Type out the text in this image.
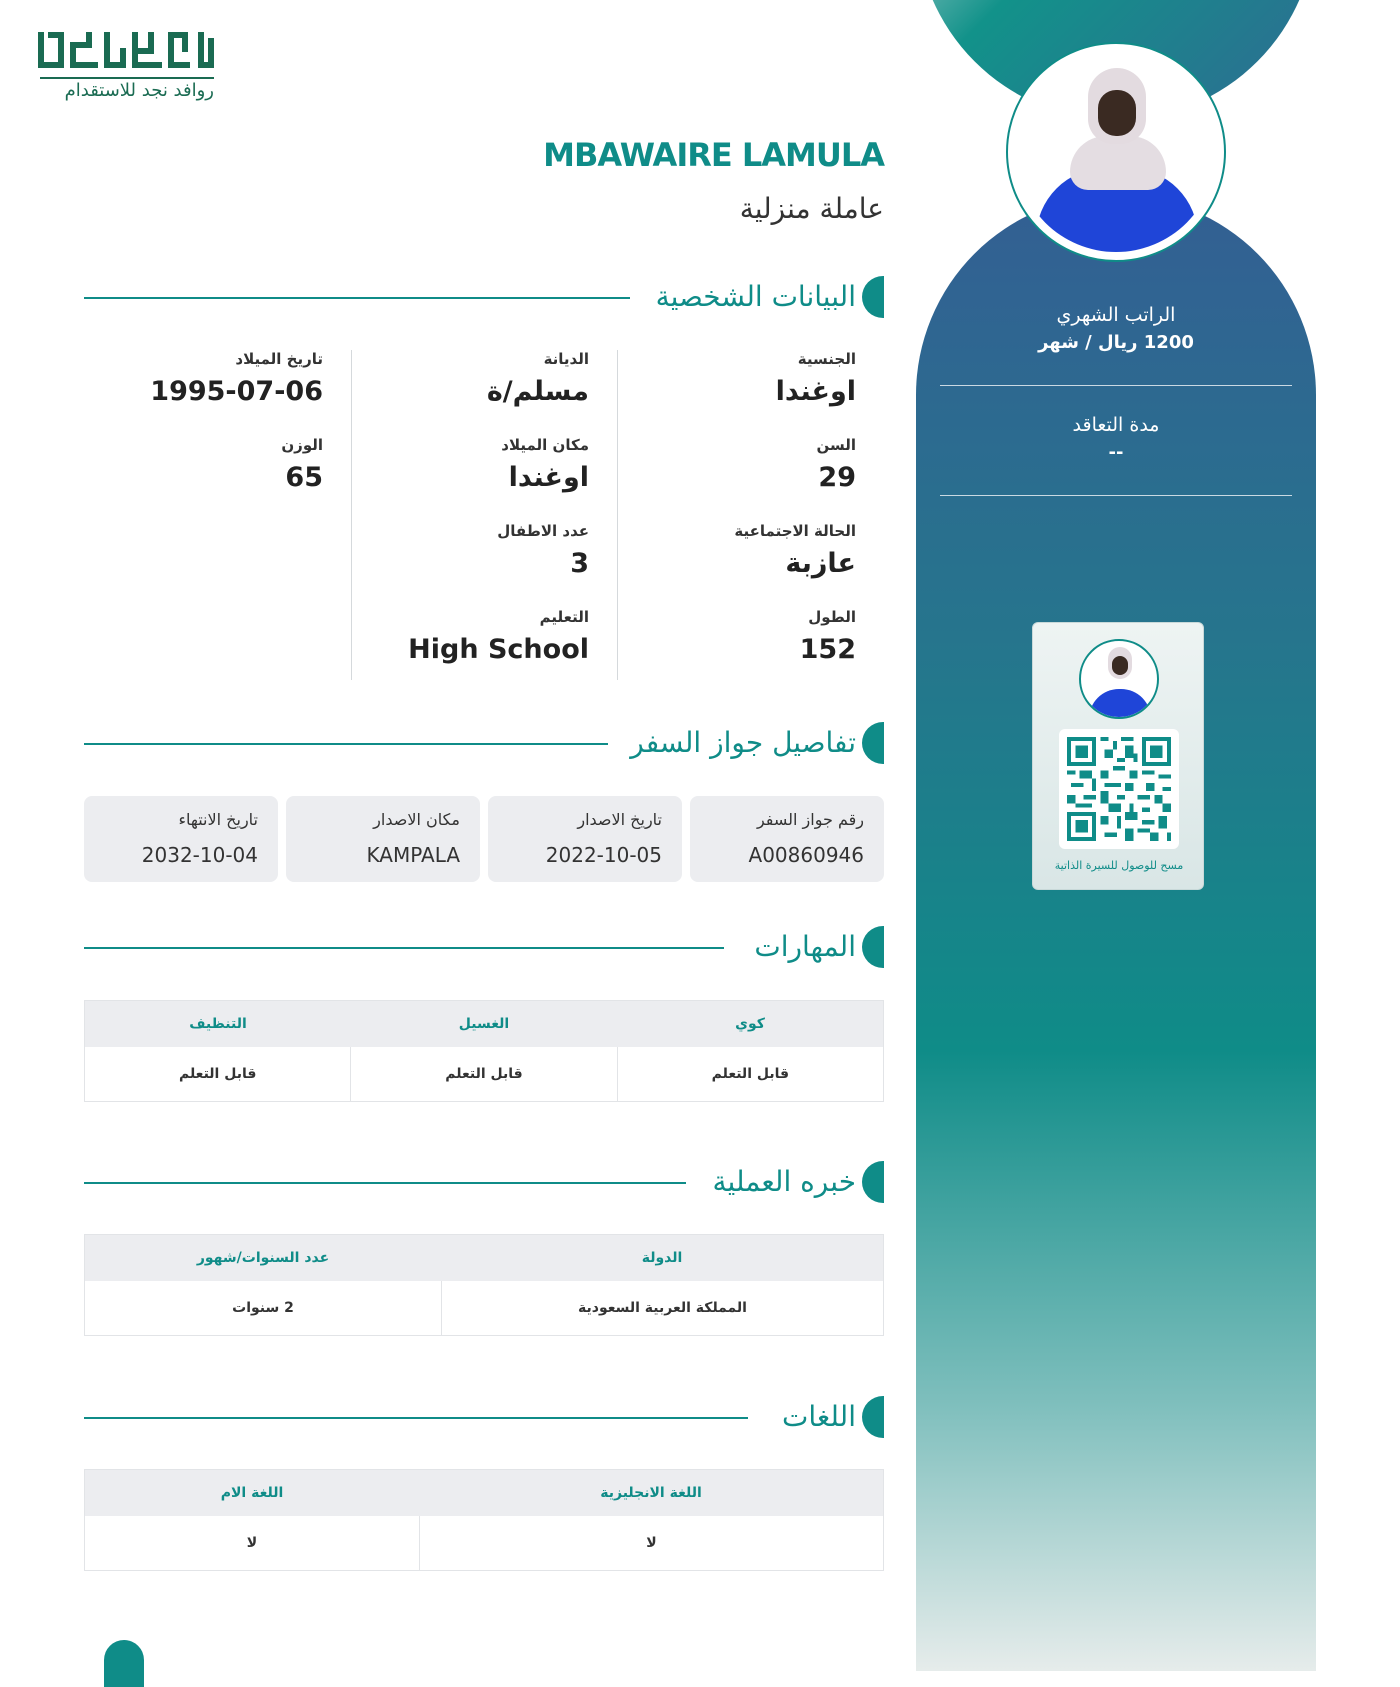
الراتب الشهري
1200 ريال / شهر
مدة التعاقد
--
مسح للوصول للسيرة الذاتية
روافد نجد للاستقدام
MBAWAIRE LAMULA
عاملة منزلية
البيانات الشخصية
الجنسية
اوغندا
السن
29
الحالة الاجتماعية
عازبة
الطول
152
الديانة
مسلم/ة
مكان الميلاد
اوغندا
عدد الاطفال
3
التعليم
High School
تاريخ الميلاد
1995-07-06
الوزن
65
تفاصيل جواز السفر
رقم جواز السفر
A00860946
تاريخ الاصدار
2022-10-05
مكان الاصدار
KAMPALA
تاريخ الانتهاء
2032-10-04
المهارات
كوي
الغسيل
التنظيف
قابل التعلم
قابل التعلم
قابل التعلم
خبره العملية
الدولة
عدد السنوات/شهور
المملكة العربية السعودية
2 سنوات
اللغات
اللغة الانجليزية
اللغة الام
لا
لا
